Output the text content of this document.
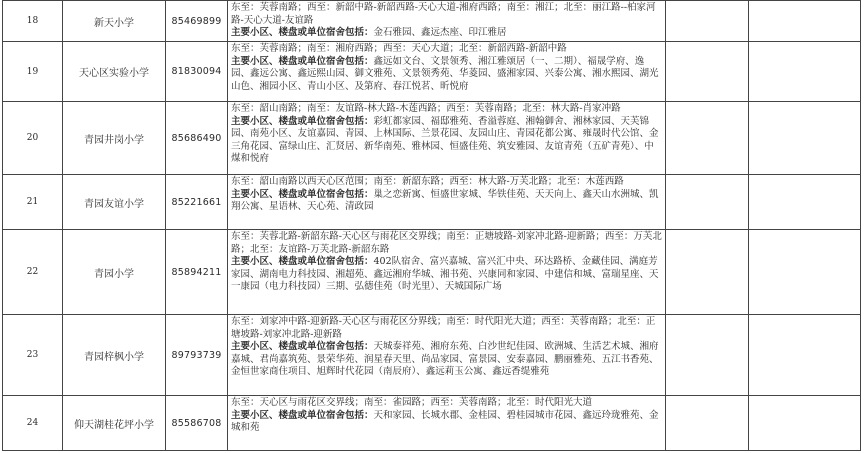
18	新天小学	85469899	东至：芙蓉南路；西至：新韶中路-新韶西路-天心大道-湘府西路；南至：湘江；北至：丽江路--柏家河路-天心大道-友谊路

主要小区、楼盘或单位宿舍包括：金石雅园、鑫远杰座、印江雅居		

19	天心区实验小学	81830094	东至：芙蓉南路；南至：湘府西路；西至：天心大道；北至：新韶西路-新韶中路

主要小区、楼盘或单位宿舍包括：鑫远如文台、文景领秀、湘江雅颂居（一、二期）、福晟学府、逸园、鑫远公寓、鑫远熙山园、御文雅苑、文景领秀苑、华菱园、盛湘家园、兴泰公寓、湘水熙园、湖光山色、湘园小区、青山小区、及第府、春江悦茗、昕悦府		

20	青园井岗小学	85686490	东至：韶山南路；南至：友谊路-林大路-木莲西路；西至：芙蓉南路；北至：林大路-肖家冲路

主要小区、楼盘或单位宿舍包括：彩虹都家园、福邸雅苑、香溢蓉庭、湘翰御舍、湘林家园、天芙锦园、南苑小区、友谊嘉园、青园、上林国际、兰景花园、友园山庄、青园花都公寓、雍晟时代公馆、金三角花园、富绿山庄、汇贤居、新华南苑、雅林园、恒盛佳苑、筑安雅园、友谊青苑（五矿青苑）、中煤和悦府		

21	青园友谊小学	85221661	东至：韶山南路以西天心区范围；南至：新韶东路；西至：林大路-万芙北路；北至：木莲西路

主要小区、楼盘或单位宿舍包括：巢之恋新寓、恒盛世家城、华铁佳苑、天天向上、鑫天山水洲城、凯翔公寓、星语林、天心苑、清政园		

22	青园小学	85894211	东至：芙蓉北路-新韶东路-天心区与雨花区交界线；南至：正塘坡路-刘家冲北路-迎新路；西至：万芙北路；北至：友谊路-万芙北路-新韶东路

主要小区、楼盘或单位宿舍包括：402队宿舍、富兴嘉城、富兴汇中央、环达路桥、金藏佳园、满庭芳家园、湖南电力科技园、湘超苑、鑫远湘府华城、湘书苑、兴康同和家园、中建信和城、富瑞星座、天一康园（电力科技园）三期、弘德佳苑（时光里）、天城国际广场		

23	青园梓枫小学	89793739	东至：刘家冲中路-迎新路-天心区与雨花区分界线；南至：时代阳光大道；西至：芙蓉南路；北至：正塘坡路-刘家冲北路-迎新路

主要小区、楼盘或单位宿舍包括：天城泰祥苑、湘府东苑、白沙世纪佳园、欧洲城、生活艺术城、湘府嘉城、君尚嘉筑苑、景荣华苑、润星春天里、尚品家园、富景园、安泰嘉园、鹏丽雅苑、五江书香苑、金恒世家商住项目、旭辉时代花园（南辰府）、鑫远莉玉公寓、鑫远香缇雅苑		

24	仰天湖桂花坪小学	85586708	东至：天心区与雨花区交界线；南至：雀园路；西至：芙蓉南路；北至：时代阳光大道

主要小区、楼盘或单位宿舍包括：天和家园、长城水郡、金桂园、碧桂园城市花园、鑫远玲珑雅苑、金城和苑		
